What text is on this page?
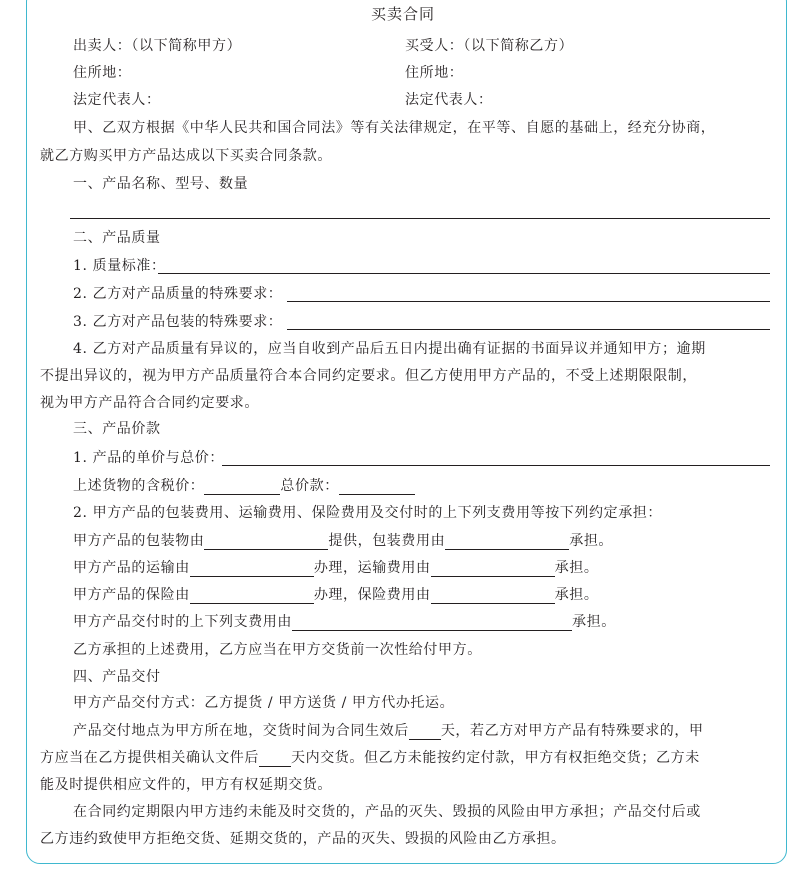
买卖合同
出卖人：（以下简称甲方）	买受人：（以下简称乙方）
住所地：	住所地：
法定代表人：	法定代表人：
甲、乙双方根据《中华人民共和国合同法》等有关法律规定，在平等、自愿的基础上，经充分协商，
就乙方购买甲方产品达成以下买卖合同条款。
一、产品名称、型号、数量
二、产品质量
1. 质量标准：
2. 乙方对产品质量的特殊要求：
3. 乙方对产品包装的特殊要求：
4. 乙方对产品质量有异议的，应当自收到产品后五日内提出确有证据的书面异议并通知甲方；逾期
不提出异议的，视为甲方产品质量符合本合同约定要求。但乙方使用甲方产品的，不受上述期限限制，
视为甲方产品符合合同约定要求。
三、产品价款
1. 产品的单价与总价：
上述货物的含税价：	总价款：
2. 甲方产品的包装费用、运输费用、保险费用及交付时的上下列支费用等按下列约定承担：
甲方产品的包装物由	提供，包装费用由	承担。
甲方产品的运输由	办理，运输费用由	承担。
甲方产品的保险由	办理，保险费用由	承担。
甲方产品交付时的上下列支费用由	承担。
乙方承担的上述费用，乙方应当在甲方交货前一次性给付甲方。
四、产品交付
甲方产品交付方式：乙方提货 / 甲方送货 / 甲方代办托运。
产品交付地点为甲方所在地，交货时间为合同生效后 天，若乙方对甲方产品有特殊要求的，甲
方应当在乙方提供相关确认文件后 天内交货。但乙方未能按约定付款，甲方有权拒绝交货；乙方未
能及时提供相应文件的，甲方有权延期交货。
在合同约定期限内甲方违约未能及时交货的，产品的灭失、毁损的风险由甲方承担；产品交付后或
乙方违约致使甲方拒绝交货、延期交货的，产品的灭失、毁损的风险由乙方承担。
